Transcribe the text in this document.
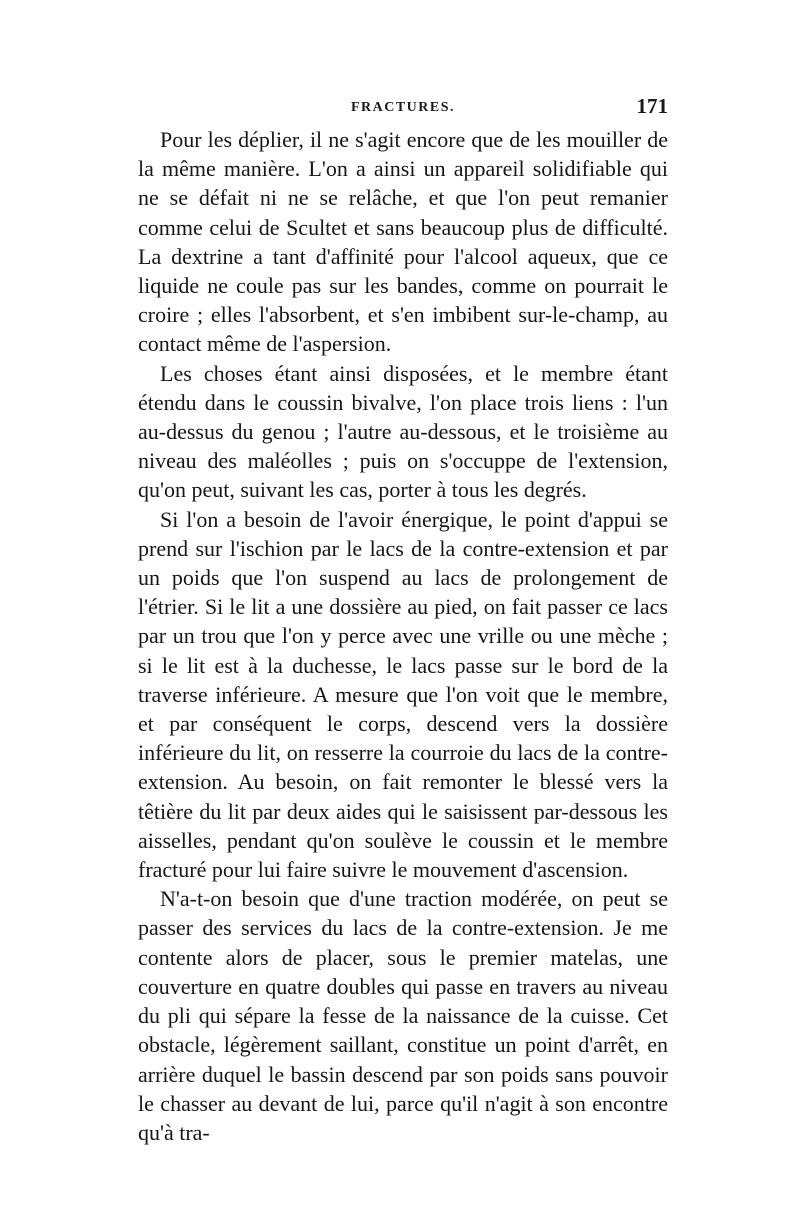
FRACTURES.	171

Pour les déplier, il ne s'agit encore que de les mouiller de la même manière. L'on a ainsi un appareil solidifiable qui ne se défait ni ne se relâche, et que l'on peut remanier comme celui de Scultet et sans beaucoup plus de difficulté. La dextrine a tant d'affinité pour l'alcool aqueux, que ce liquide ne coule pas sur les bandes, comme on pourrait le croire ; elles l'absorbent, et s'en imbibent sur-le-champ, au contact même de l'aspersion.

Les choses étant ainsi disposées, et le membre étant étendu dans le coussin bivalve, l'on place trois liens : l'un au-dessus du genou ; l'autre au-dessous, et le troisième au niveau des maléolles ; puis on s'occuppe de l'extension, qu'on peut, suivant les cas, porter à tous les degrés.

Si l'on a besoin de l'avoir énergique, le point d'appui se prend sur l'ischion par le lacs de la contre-extension et par un poids que l'on suspend au lacs de prolongement de l'étrier. Si le lit a une dossière au pied, on fait passer ce lacs par un trou que l'on y perce avec une vrille ou une mèche ; si le lit est à la duchesse, le lacs passe sur le bord de la traverse inférieure. A mesure que l'on voit que le membre, et par conséquent le corps, descend vers la dossière inférieure du lit, on resserre la courroie du lacs de la contre-extension. Au besoin, on fait remonter le blessé vers la têtière du lit par deux aides qui le saisissent par-dessous les aisselles, pendant qu'on soulève le coussin et le membre fracturé pour lui faire suivre le mouvement d'ascension.

N'a-t-on besoin que d'une traction modérée, on peut se passer des services du lacs de la contre-extension. Je me contente alors de placer, sous le premier matelas, une couverture en quatre doubles qui passe en travers au niveau du pli qui sépare la fesse de la naissance de la cuisse. Cet obstacle, légèrement saillant, constitue un point d'arrêt, en arrière duquel le bassin descend par son poids sans pouvoir le chasser au devant de lui, parce qu'il n'agit à son encontre qu'à tra-
